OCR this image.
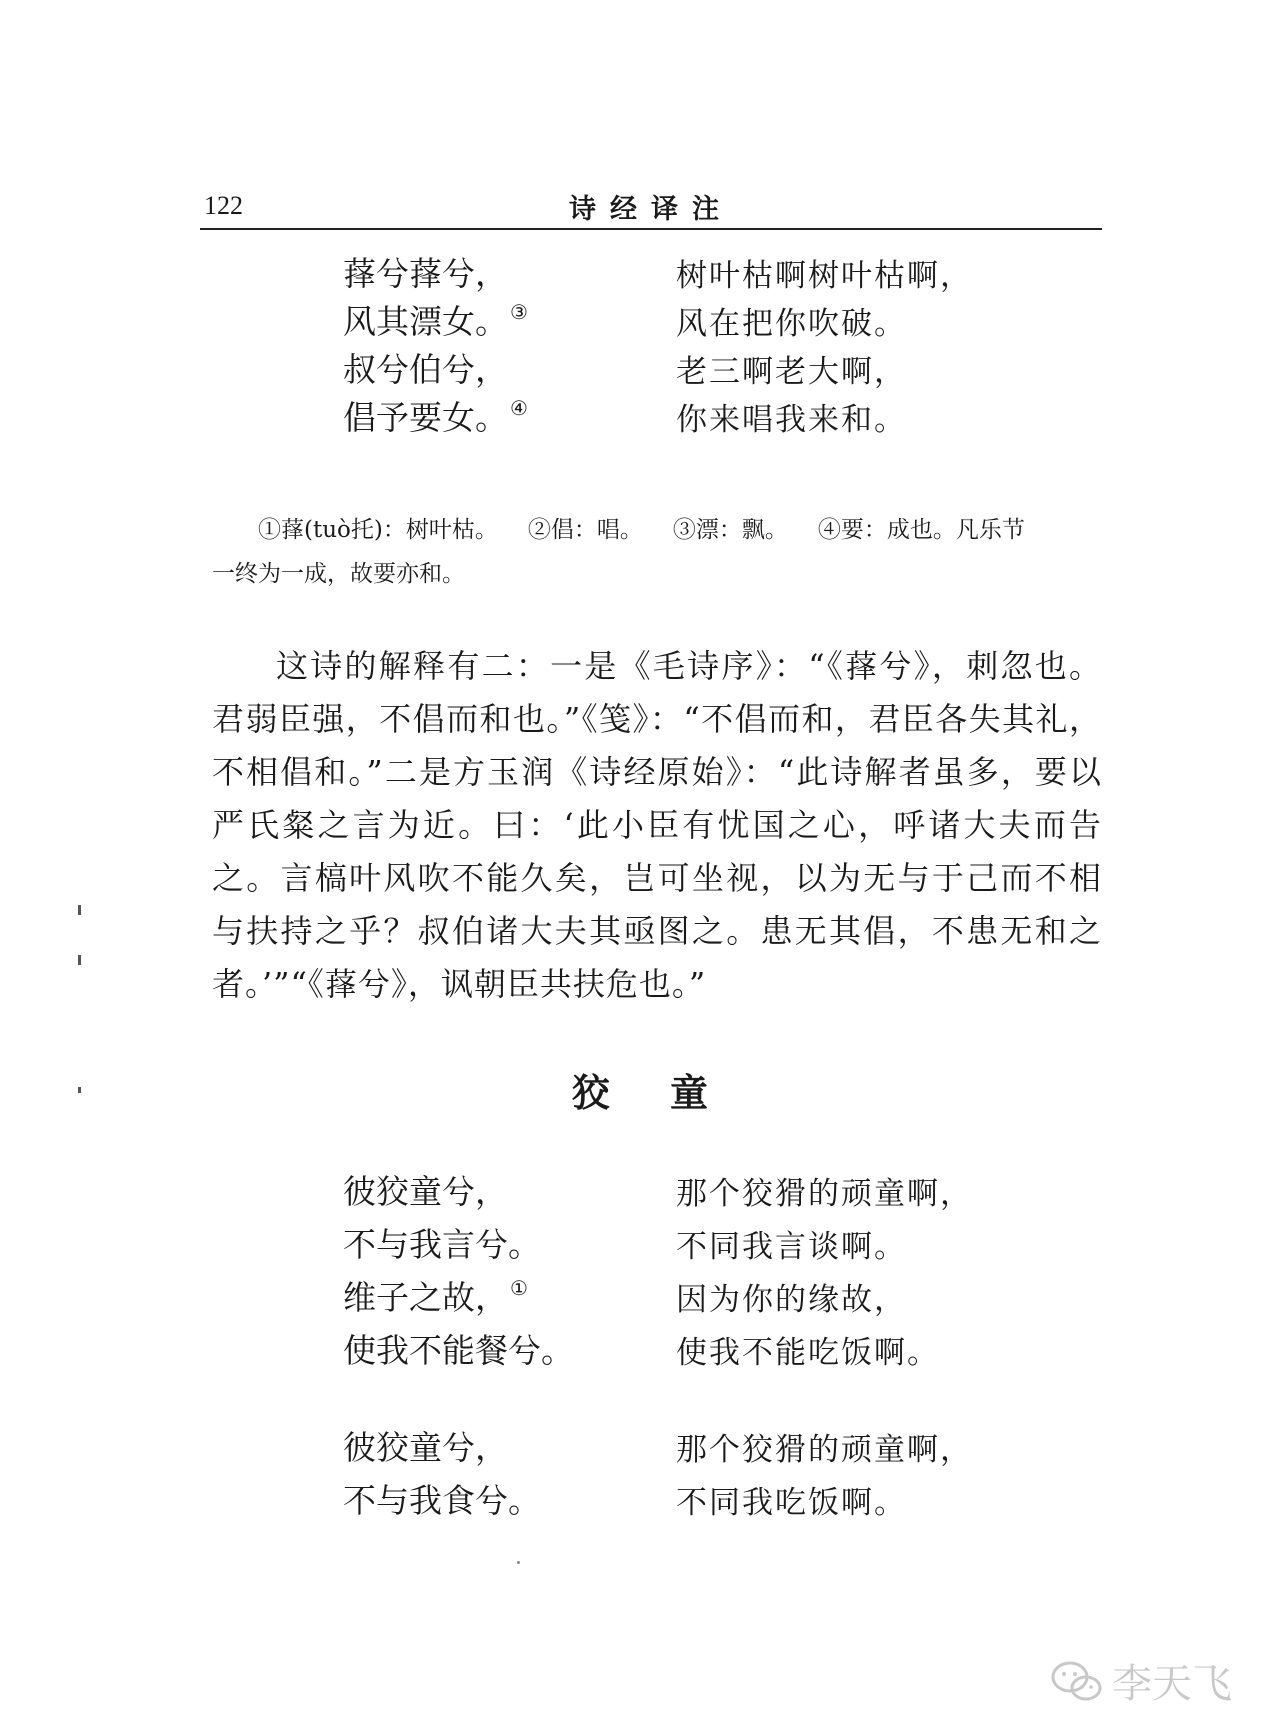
122	诗经译注
萚兮萚兮，	树叶枯啊树叶枯啊，
风其漂女。 ③	风在把你吹破。
叔兮伯兮，	老三啊老大啊，
倡予要女。 ④	你来唱我来和。
①萚(tuò托)：树叶枯。 ②倡：唱。 ③漂：飘。 ④要：成也。凡乐节
一终为一成，故要亦和。

这诗的解释有二：一是《毛诗序》：“《萚兮》，刺忽也。君弱臣强，不倡而和也。”《笺》：“不倡而和，君臣各失其礼，不相倡和。”二是方玉润《诗经原始》：“此诗解者虽多，要以严氏粲之言为近。曰：‘此小臣有忧国之心，呼诸大夫而告之。言槁叶风吹不能久矣，岂可坐视，以为无与于己而不相与扶持之乎？叔伯诸大夫其亟图之。患无其倡，不患无和之者。’”“《萚兮》，讽朝臣共扶危也。”

狡童
彼狡童兮，	那个狡猾的顽童啊，
不与我言兮。	不同我言谈啊。
维子之故， ①	因为你的缘故，
使我不能餐兮。	使我不能吃饭啊。
彼狡童兮，	那个狡猾的顽童啊，
不与我食兮。	不同我吃饭啊。
李天飞
